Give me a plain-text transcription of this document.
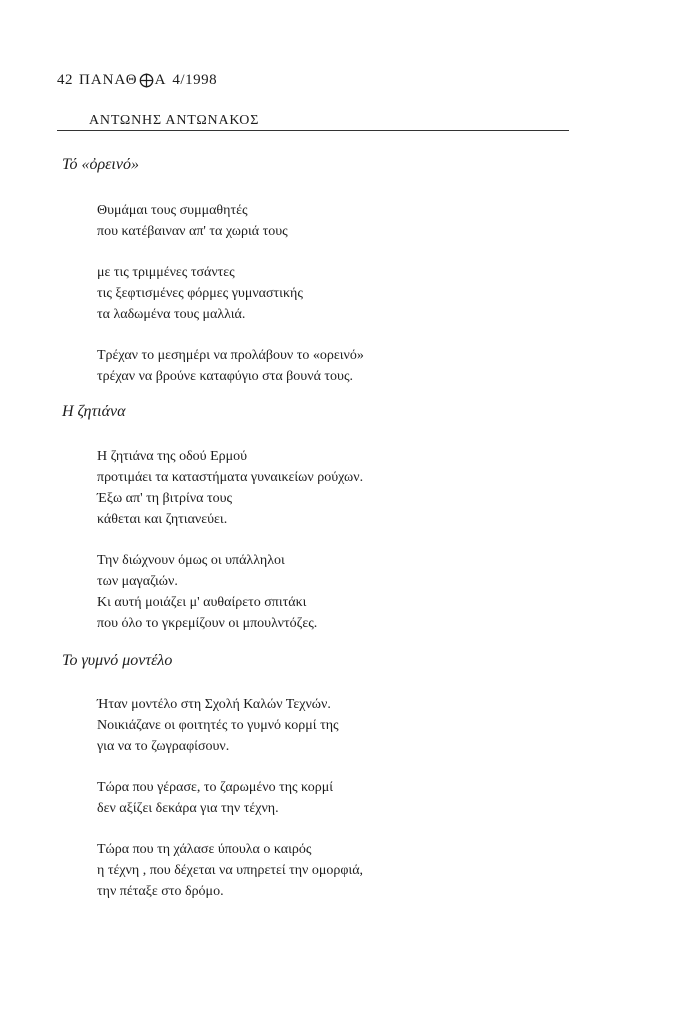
42 ΠΑΝΑΘ Α 4/1998
ΑΝΤΩΝΗΣ ΑΝΤΩΝΑΚΟΣ
Τό «ὀρεινό»
Θυμάμαι τους συμμαθητές
που κατέβαιναν απ' τα χωριά τους
με τις τριμμένες τσάντες
τις ξεφτισμένες φόρμες γυμναστικής
τα λαδωμένα τους μαλλιά.
Τρέχαν το μεσημέρι να προλάβουν το «ορεινό»
τρέχαν να βρούνε καταφύγιο στα βουνά τους.
Η ζητιάνα
Η ζητιάνα της οδού Ερμού
προτιμάει τα καταστήματα γυναικείων ρούχων.
Έξω απ' τη βιτρίνα τους
κάθεται και ζητιανεύει.
Την διώχνουν όμως οι υπάλληλοι
των μαγαζιών.
Κι αυτή μοιάζει μ' αυθαίρετο σπιτάκι
που όλο το γκρεμίζουν οι μπουλντόζες.
Το γυμνό μοντέλο
Ήταν μοντέλο στη Σχολή Καλών Τεχνών.
Νοικιάζανε οι φοιτητές το γυμνό κορμί της
για να το ζωγραφίσουν.
Τώρα που γέρασε, το ζαρωμένο της κορμί
δεν αξίζει δεκάρα για την τέχνη.
Τώρα που τη χάλασε ύπουλα ο καιρός
η τέχνη , που δέχεται να υπηρετεί την ομορφιά,
την πέταξε στο δρόμο.
